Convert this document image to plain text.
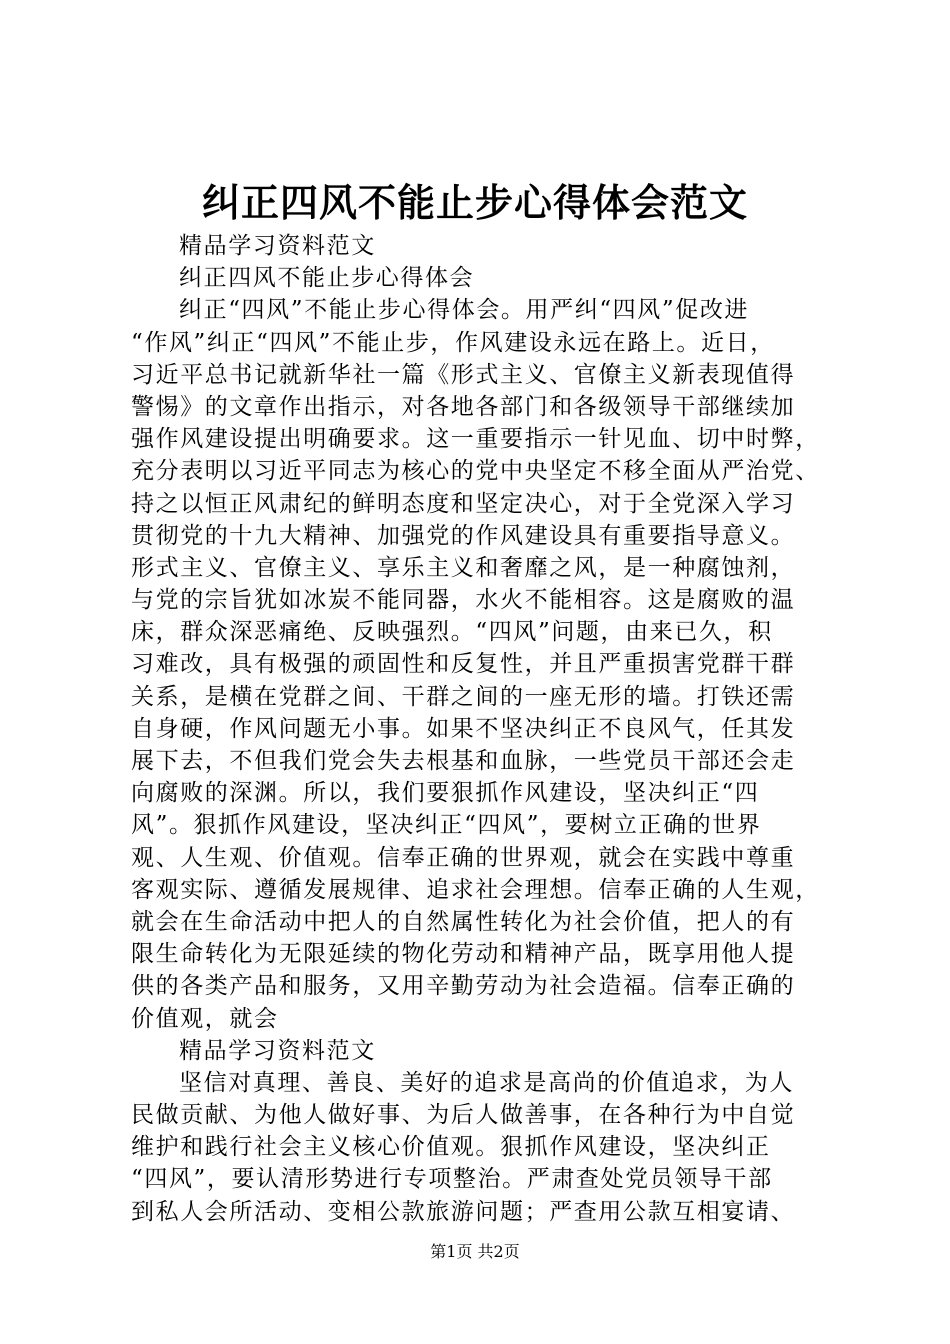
纠正四风不能止步心得体会范文
精品学习资料范文
纠正四风不能止步心得体会
纠正“四风”不能止步心得体会。用严纠“四风”促改进
“作风”纠正“四风”不能止步，作风建设永远在路上。近日，
习近平总书记就新华社一篇《形式主义、官僚主义新表现值得
警惕》的文章作出指示，对各地各部门和各级领导干部继续加
强作风建设提出明确要求。这一重要指示一针见血、切中时弊，
充分表明以习近平同志为核心的党中央坚定不移全面从严治党、
持之以恒正风肃纪的鲜明态度和坚定决心，对于全党深入学习
贯彻党的十九大精神、加强党的作风建设具有重要指导意义。
形式主义、官僚主义、享乐主义和奢靡之风，是一种腐蚀剂，
与党的宗旨犹如冰炭不能同器，水火不能相容。这是腐败的温
床，群众深恶痛绝、反映强烈。“四风”问题，由来已久，积
习难改，具有极强的顽固性和反复性，并且严重损害党群干群
关系，是横在党群之间、干群之间的一座无形的墙。打铁还需
自身硬，作风问题无小事。如果不坚决纠正不良风气，任其发
展下去，不但我们党会失去根基和血脉，一些党员干部还会走
向腐败的深渊。所以，我们要狠抓作风建设，坚决纠正“四
风”。狠抓作风建设，坚决纠正“四风”，要树立正确的世界
观、人生观、价值观。信奉正确的世界观，就会在实践中尊重
客观实际、遵循发展规律、追求社会理想。信奉正确的人生观，
就会在生命活动中把人的自然属性转化为社会价值，把人的有
限生命转化为无限延续的物化劳动和精神产品，既享用他人提
供的各类产品和服务，又用辛勤劳动为社会造福。信奉正确的
价值观，就会
精品学习资料范文
坚信对真理、善良、美好的追求是高尚的价值追求，为人
民做贡献、为他人做好事、为后人做善事，在各种行为中自觉
维护和践行社会主义核心价值观。狠抓作风建设，坚决纠正
“四风”，要认清形势进行专项整治。严肃查处党员领导干部
到私人会所活动、变相公款旅游问题；严查用公款互相宴请、
第1页 共2页
